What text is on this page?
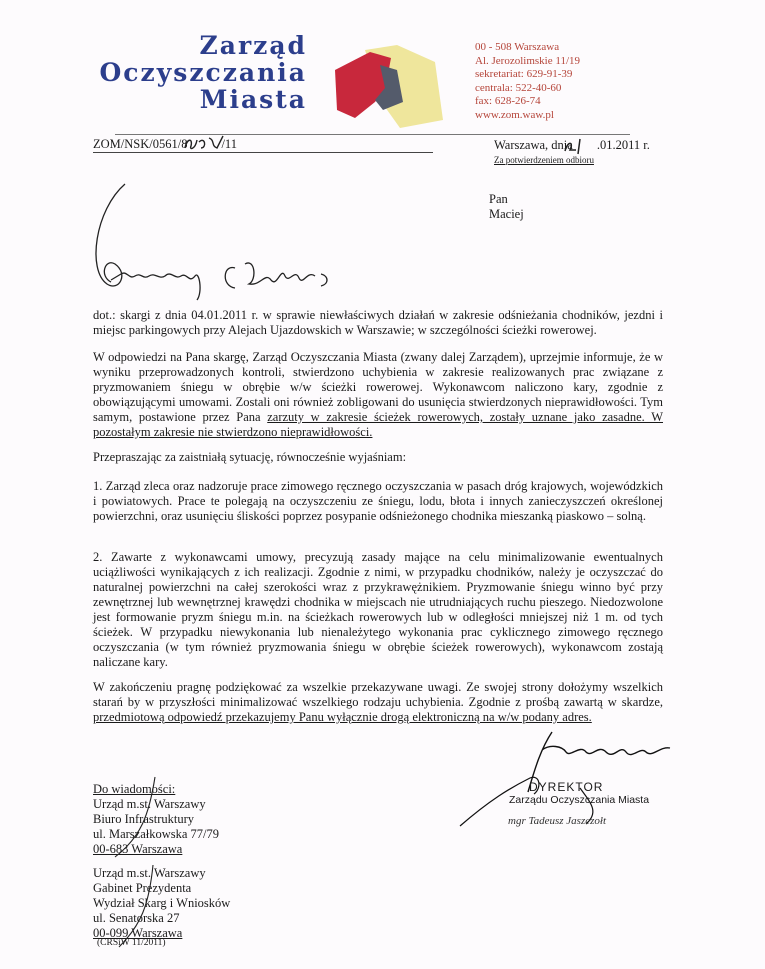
Zarząd
Oczyszczania
Miasta
00 - 508 Warszawa
Al. Jerozolimskie 11/19
sekretariat: 629-91-39
centrala: 522-40-60
fax: 628-26-74
www.zom.waw.pl
ZOM/NSK/0561/8	/11	Warszawa, dnia .01.2011 r.
Za potwierdzeniem odbioru
Pan
Maciej
dot.: skargi z dnia 04.01.2011 r. w sprawie niewłaściwych działań w zakresie odśnieżania chodników, jezdni i miejsc parkingowych przy Alejach Ujazdowskich w Warszawie; w szczególności ścieżki rowerowej.
W odpowiedzi na Pana skargę, Zarząd Oczyszczania Miasta (zwany dalej Zarządem), uprzejmie informuje, że w wyniku przeprowadzonych kontroli, stwierdzono uchybienia w zakresie realizowanych prac związane z pryzmowaniem śniegu w obrębie w/w ścieżki rowerowej. Wykonawcom naliczono kary, zgodnie z obowiązującymi umowami. Zostali oni również zobligowani do usunięcia stwierdzonych nieprawidłowości. Tym samym, postawione przez Pana zarzuty w zakresie ścieżek rowerowych, zostały uznane jako zasadne. W pozostałym zakresie nie stwierdzono nieprawidłowości.
Przepraszając za zaistniałą sytuację, równocześnie wyjaśniam:
1. Zarząd zleca oraz nadzoruje prace zimowego ręcznego oczyszczania w pasach dróg krajowych, wojewódzkich i powiatowych. Prace te polegają na oczyszczeniu ze śniegu, lodu, błota i innych zanieczyszczeń określonej powierzchni, oraz usunięciu śliskości poprzez posypanie odśnieżonego chodnika mieszanką piaskowo – solną.
2. Zawarte z wykonawcami umowy, precyzują zasady mające na celu minimalizowanie ewentualnych uciążliwości wynikających z ich realizacji. Zgodnie z nimi, w przypadku chodników, należy je oczyszczać do naturalnej powierzchni na całej szerokości wraz z przykrawężnikiem. Pryzmowanie śniegu winno być przy zewnętrznej lub wewnętrznej krawędzi chodnika w miejscach nie utrudniających ruchu pieszego. Niedozwolone jest formowanie pryzm śniegu m.in. na ścieżkach rowerowych lub w odległości mniejszej niż 1 m. od tych ścieżek. W przypadku niewykonania lub nienależytego wykonania prac cyklicznego zimowego ręcznego oczyszczania (w tym również pryzmowania śniegu w obrębie ścieżek rowerowych), wykonawcom zostają naliczane kary.
W zakończeniu pragnę podziękować za wszelkie przekazywane uwagi. Ze swojej strony dołożymy wszelkich starań by w przyszłości minimalizować wszelkiego rodzaju uchybienia. Zgodnie z prośbą zawartą w skardze, przedmiotową odpowiedź przekazujemy Panu wyłącznie drogą elektroniczną na w/w podany adres.
DYREKTOR
Zarządu Oczyszczania Miasta
mgr Tadeusz Jaszczołt
Do wiadomości:
Urząd m.st. Warszawy
Biuro Infrastruktury
ul. Marszałkowska 77/79
00-683 Warszawa
Urząd m.st. Warszawy
Gabinet Prezydenta
Wydział Skarg i Wniosków
ul. Senatorska 27
00-099 Warszawa
(CRSiW 11/2011)
